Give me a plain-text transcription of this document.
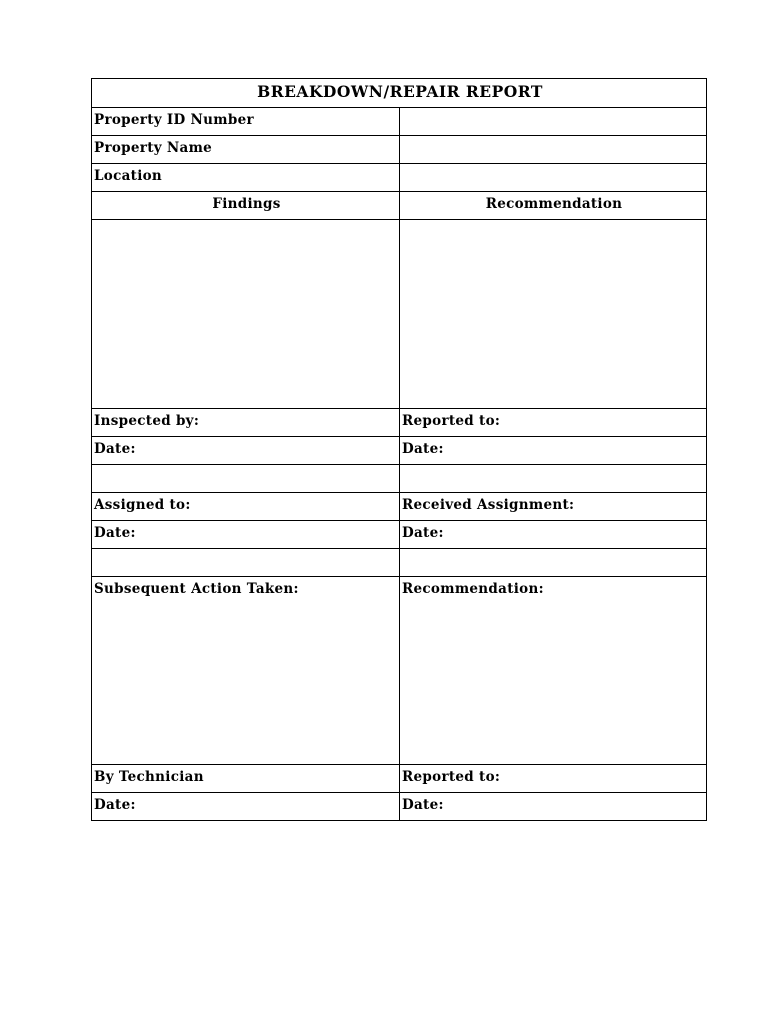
BREAKDOWN/REPAIR REPORT	
Property ID Number	
Property Name	
Location	
Findings	Recommendation

Inspected by:	Reported to:
Date:	Date:

Assigned to:	Received Assignment:
Date:	Date:

Subsequent Action Taken:	Recommendation:
By Technician	Reported to:
Date:	Date:
